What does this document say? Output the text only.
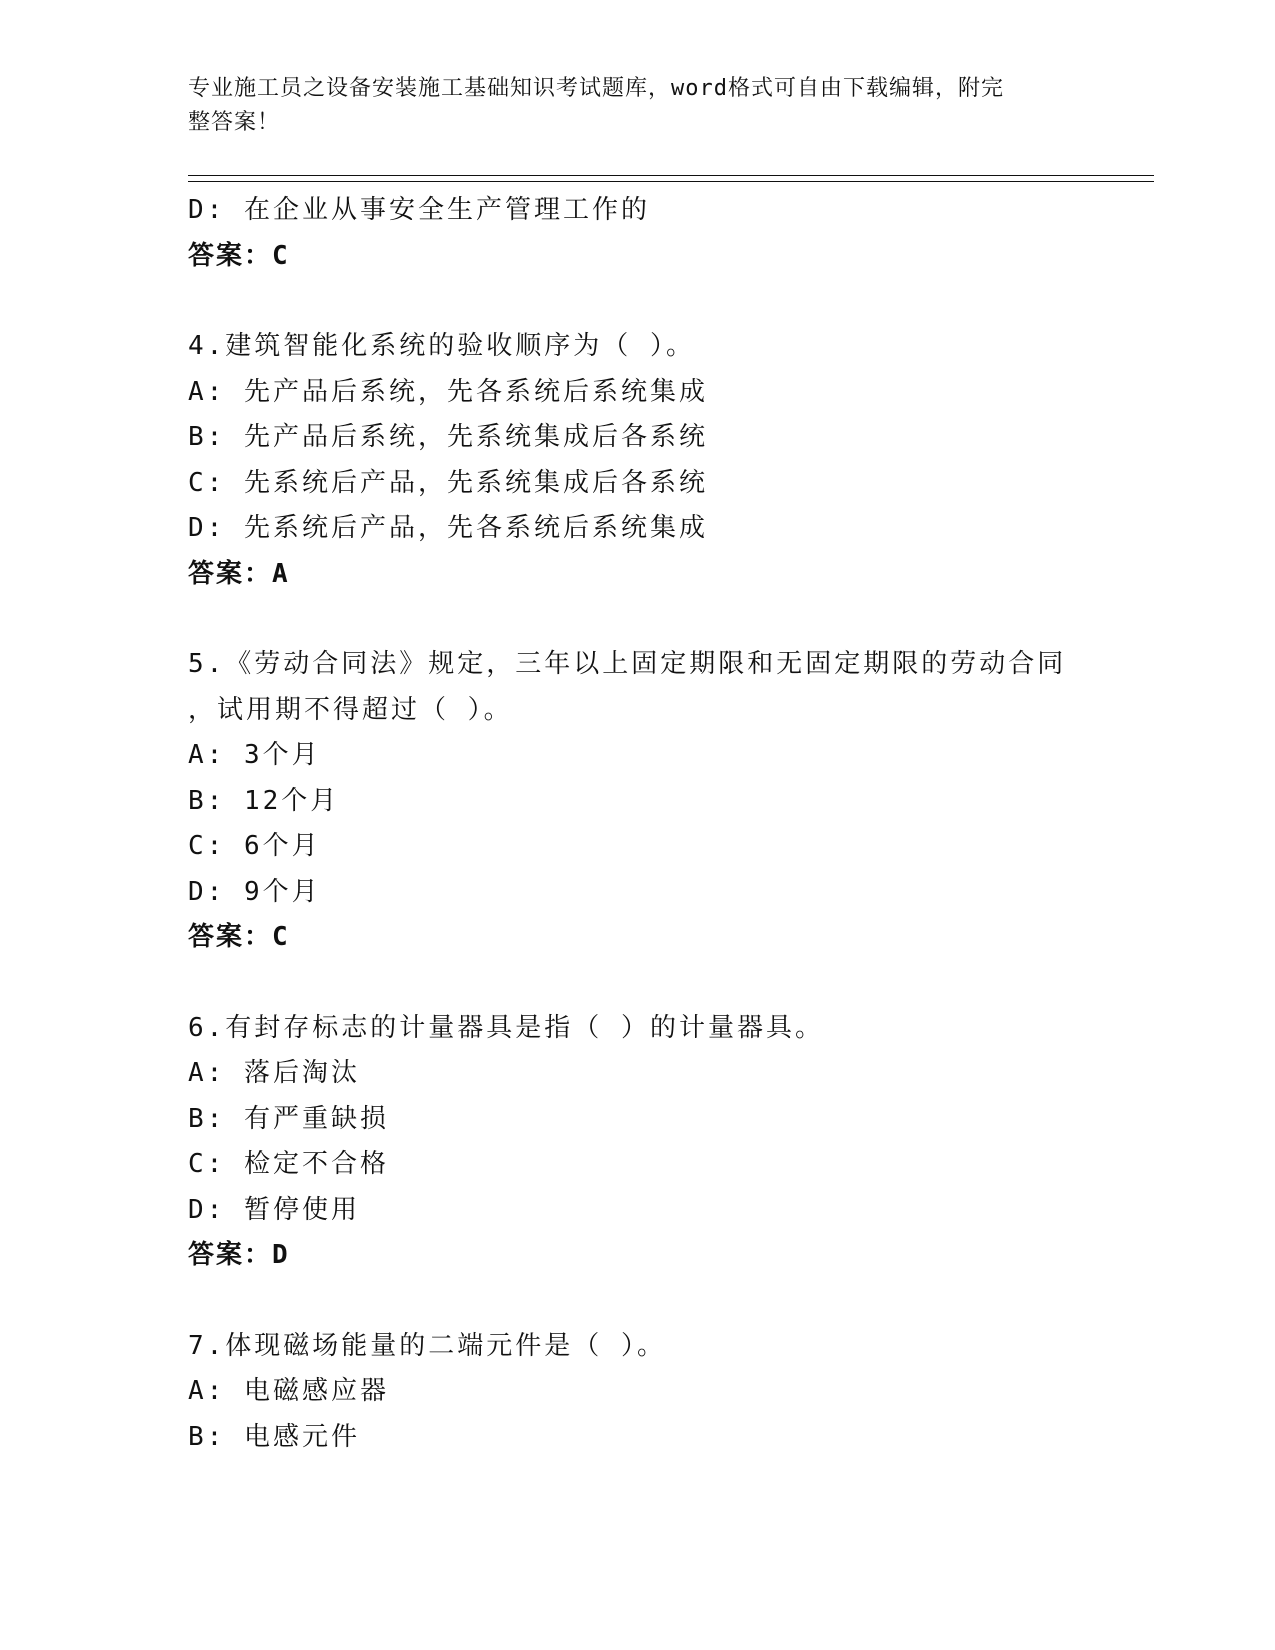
专业施工员之设备安装施工基础知识考试题库，word格式可自由下载编辑，附完
整答案！
D: 在企业从事安全生产管理工作的
答案：C
4.建筑智能化系统的验收顺序为（ ）。
A: 先产品后系统，先各系统后系统集成
B: 先产品后系统，先系统集成后各系统
C: 先系统后产品，先系统集成后各系统
D: 先系统后产品，先各系统后系统集成
答案：A
5.《劳动合同法》规定，三年以上固定期限和无固定期限的劳动合同
，试用期不得超过（ ）。
A: 3个月
B: 12个月
C: 6个月
D: 9个月
答案：C
6.有封存标志的计量器具是指（ ）的计量器具。
A: 落后淘汰
B: 有严重缺损
C: 检定不合格
D: 暂停使用
答案：D
7.体现磁场能量的二端元件是（ ）。
A: 电磁感应器
B: 电感元件
